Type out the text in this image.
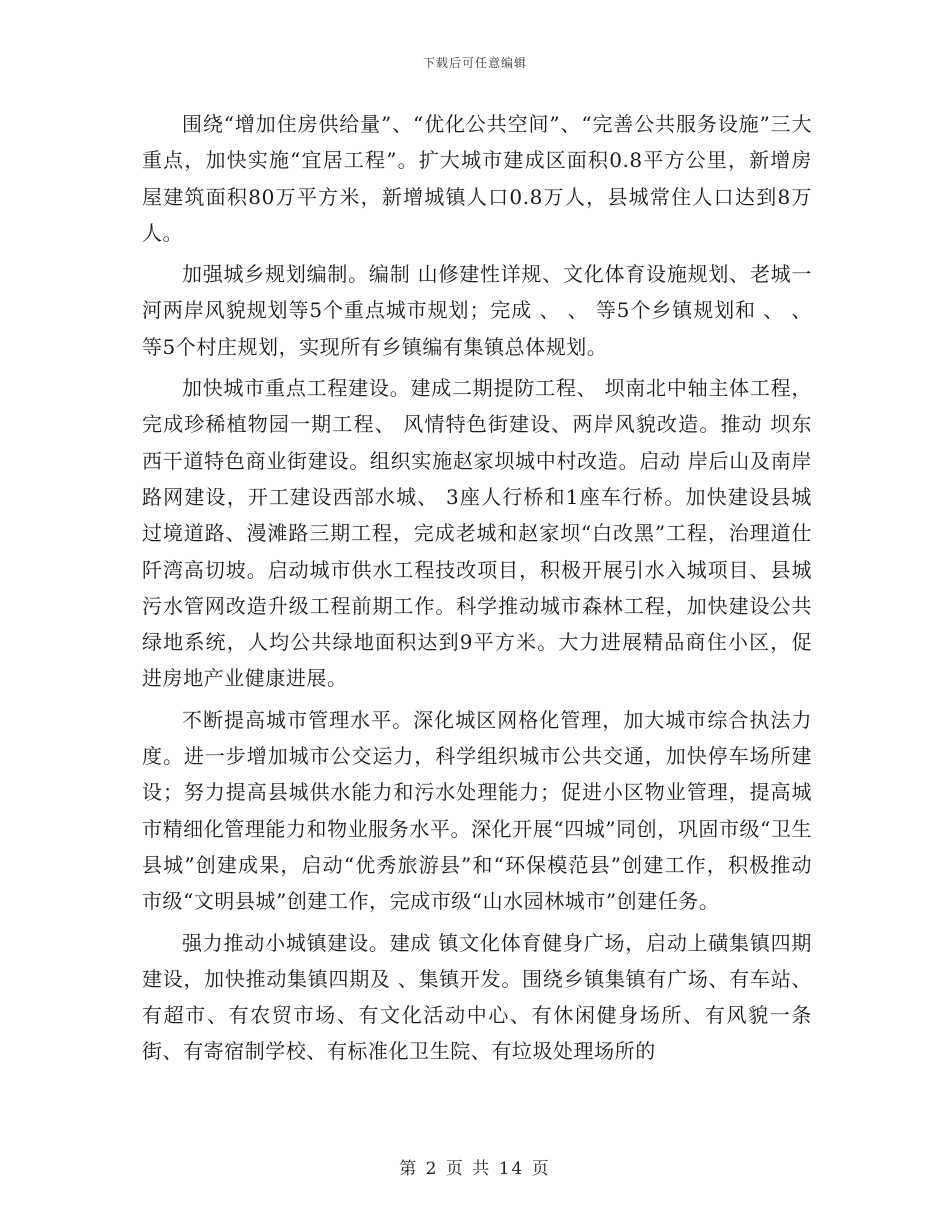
下载后可任意编辑

围绕“增加住房供给量”、“优化公共空间”、“完善公共服务设施”三大重点，加快实施“宜居工程”。扩大城市建成区面积0.8平方公里，新增房屋建筑面积80万平方米，新增城镇人口0.8万人，县城常住人口达到8万人。

加强城乡规划编制。编制 山修建性详规、文化体育设施规划、老城一河两岸风貌规划等5个重点城市规划；完成 、 、 等5个乡镇规划和 、 、 等5个村庄规划，实现所有乡镇编有集镇总体规划。

加快城市重点工程建设。建成二期提防工程、 坝南北中轴主体工程，完成珍稀植物园一期工程、 风情特色街建设、两岸风貌改造。推动 坝东西干道特色商业街建设。组织实施赵家坝城中村改造。启动 岸后山及南岸路网建设，开工建设西部水城、 3座人行桥和1座车行桥。加快建设县城过境道路、漫滩路三期工程，完成老城和赵家坝“白改黑”工程，治理道仕阡湾高切坡。启动城市供水工程技改项目，积极开展引水入城项目、县城污水管网改造升级工程前期工作。科学推动城市森林工程，加快建设公共绿地系统，人均公共绿地面积达到9平方米。大力进展精品商住小区，促进房地产业健康进展。

不断提高城市管理水平。深化城区网格化管理，加大城市综合执法力度。进一步增加城市公交运力，科学组织城市公共交通，加快停车场所建设；努力提高县城供水能力和污水处理能力；促进小区物业管理，提高城市精细化管理能力和物业服务水平。深化开展“四城”同创，巩固市级“卫生县城”创建成果，启动“优秀旅游县”和“环保模范县”创建工作，积极推动市级“文明县城”创建工作，完成市级“山水园林城市”创建任务。

强力推动小城镇建设。建成 镇文化体育健身广场，启动上磺集镇四期建设，加快推动集镇四期及 、集镇开发。围绕乡镇集镇有广场、有车站、有超市、有农贸市场、有文化活动中心、有休闲健身场所、有风貌一条街、有寄宿制学校、有标准化卫生院、有垃圾处理场所的

第 2 页 共 14 页
